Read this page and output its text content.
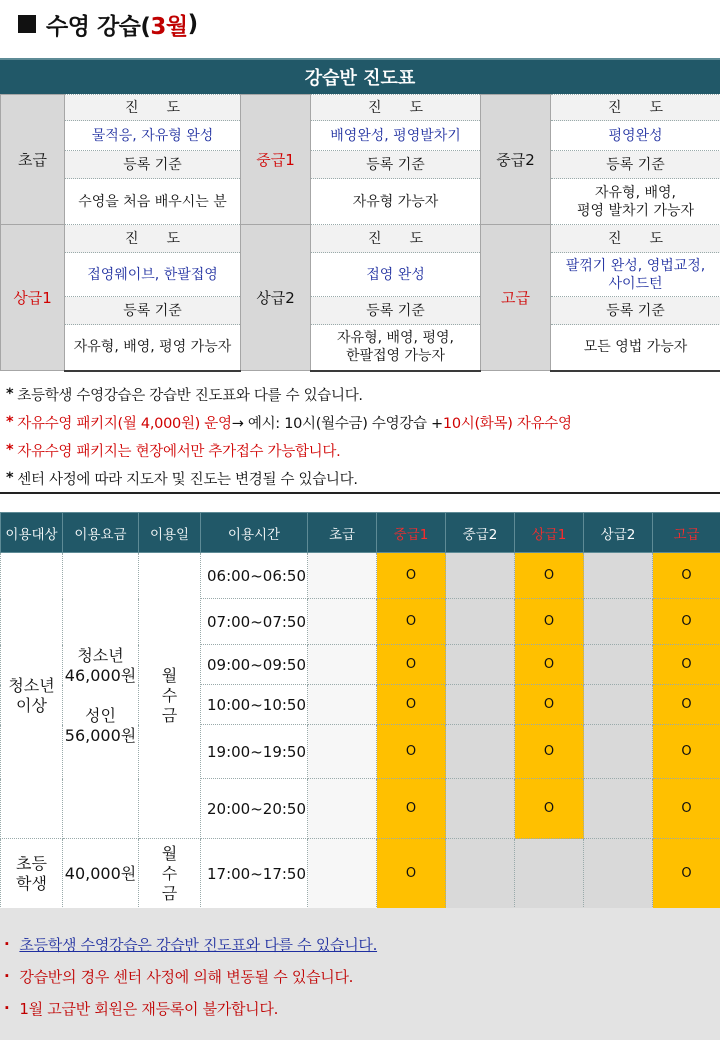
수영 강습( 3월 )
강습반 진도표
초급	진　　도	중급1	진　　도	중급2	진　　도
	물적응, 자유형 완성		배영완성, 평영발차기		평영완성
	등록 기준		등록 기준		등록 기준
	수영을 처음 배우시는 분		자유형 가능자		자유형, 배영,
평영 발차기 가능자
상급1	진　　도	상급2	진　　도	고급	진　　도
	접영웨이브, 한팔접영		접영 완성		팔꺾기 완성, 영법교정,
사이드턴
	등록 기준		등록 기준		등록 기준
	자유형, 배영, 평영 가능자		자유형, 배영, 평영,
한팔접영 가능자		모든 영법 가능자
* 초등학생 수영강습은 강습반 진도표와 다를 수 있습니다.
* 자유수영 패키지(월 4,000원) 운영 → 예시: 10시(월수금) 수영강습 + 10시(화목) 자유수영
* 자유수영 패키지는 현장에서만 추가접수 가능합니다.
* 센터 사정에 따라 지도자 및 진도는 변경될 수 있습니다.
이용대상	이용요금	이용일	이용시간	초급	중급1	중급2	상급1	상급2	고급
청소년
이상	청소년
46,000원

성인
56,000원	월
수
금	06:00~06:50		O		O		O
			07:00~07:50		O		O		O
			09:00~09:50		O		O		O
			10:00~10:50		O		O		O
			19:00~19:50		O		O		O
			20:00~20:50		O		O		O
초등
학생	40,000원	월
수
금	17:00~17:50		O				O
· 초등학생 수영강습은 강습반 진도표와 다를 수 있습니다.
· 강습반의 경우 센터 사정에 의해 변동될 수 있습니다.
· 1월 고급반 회원은 재등록이 불가합니다.
